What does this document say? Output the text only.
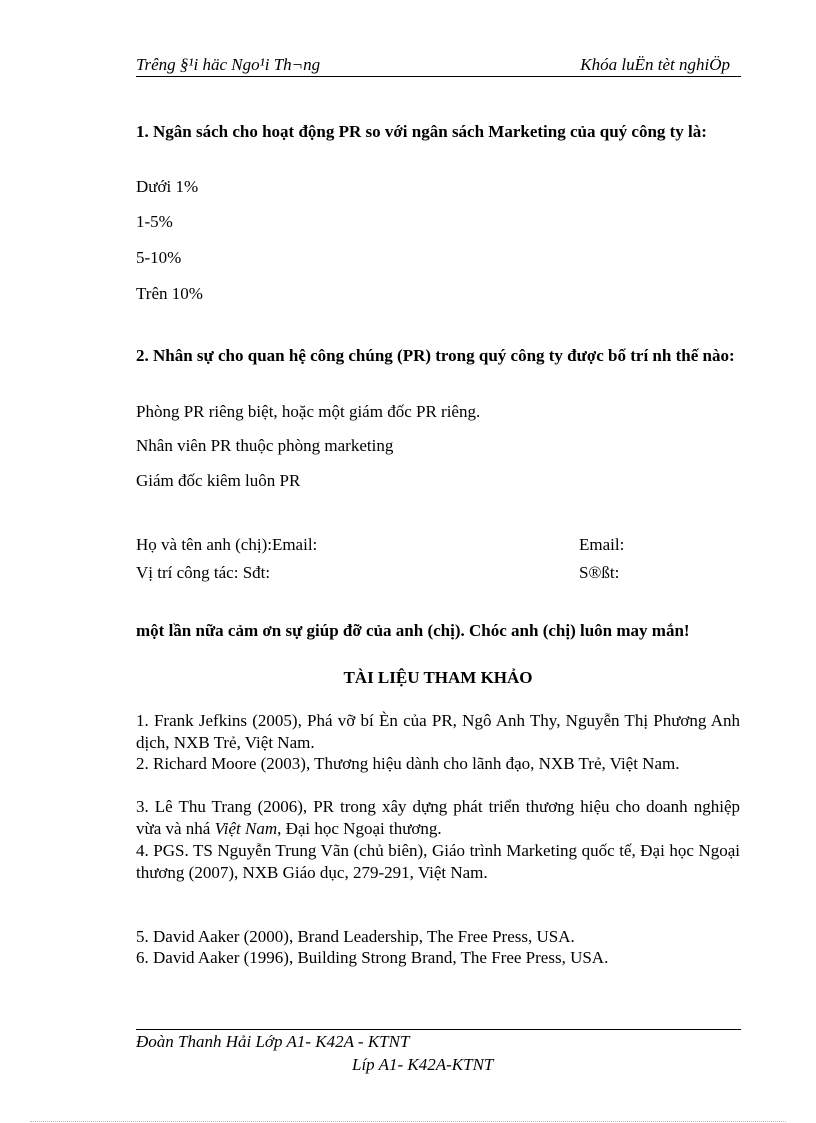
Trêng §¹i häc Ngo¹i Th¬ng	Khóa luËn tèt nghiÖp
1. Ngân sách cho hoạt động PR so với ngân sách Marketing của quý công ty là:
Dưới 1%
1-5%
5-10%
Trên 10%
2. Nhân sự cho quan hệ công chúng (PR) trong quý công ty được bố trí nh thế nào:
Phòng PR riêng biệt, hoặc một giám đốc PR riêng.
Nhân viên PR thuộc phòng marketing
Giám đốc kiêm luôn PR
Họ và tên anh (chị):Email:	Email:
Vị trí công tác: Sđt:	S®ßt:
một lần nữa cảm ơn sự giúp đỡ của anh (chị). Chóc anh (chị) luôn may mắn!
TÀI LIỆU THAM KHẢO
1. Frank Jefkins (2005), Phá vỡ bí Èn của PR, Ngô Anh Thy, Nguyễn Thị Phương Anh dịch, NXB Trẻ, Việt Nam.
2. Richard Moore (2003), Thương hiệu dành cho lãnh đạo, NXB Trẻ, Việt Nam.
3. Lê Thu Trang (2006), PR trong xây dựng phát triển thương hiệu cho doanh nghiệp vừa và nhá Việt Nam, Đại học Ngoại thương.
4. PGS. TS Nguyễn Trung Vãn (chủ biên), Giáo trình Marketing quốc tế, Đại học Ngoại thương (2007), NXB Giáo dục, 279-291, Việt Nam.
5. David Aaker (2000), Brand Leadership, The Free Press, USA.
6. David Aaker (1996), Building Strong Brand, The Free Press, USA.
Đoàn Thanh Hải Lớp A1- K42A - KTNT
Líp A1- K42A-KTNT
